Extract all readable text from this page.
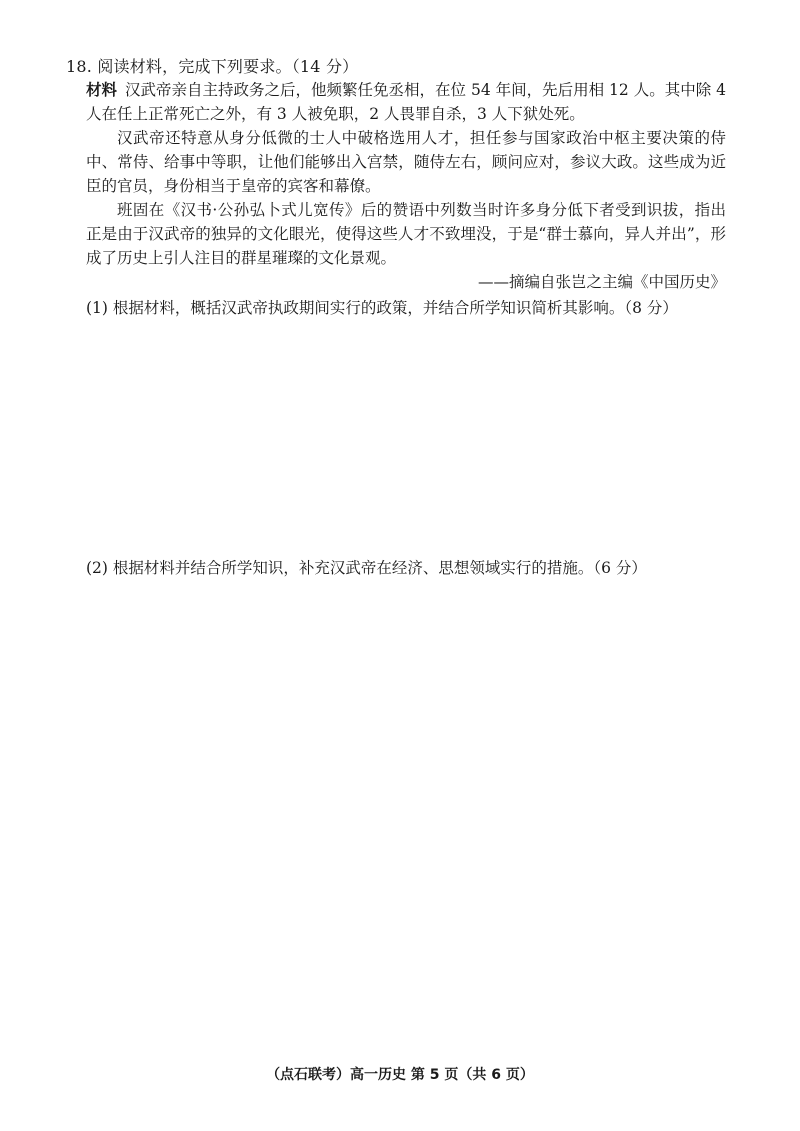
18. 阅读材料，完成下列要求。（14 分）

材料 汉武帝亲自主持政务之后，他频繁任免丞相，在位 54 年间，先后用相 12 人。其中除 4 人在任上正常死亡之外，有 3 人被免职，2 人畏罪自杀，3 人下狱处死。

汉武帝还特意从身分低微的士人中破格选用人才，担任参与国家政治中枢主要决策的侍中、常侍、给事中等职，让他们能够出入宫禁，随侍左右，顾问应对，参议大政。这些成为近臣的官员，身份相当于皇帝的宾客和幕僚。

班固在《汉书·公孙弘卜式儿宽传》后的赞语中列数当时许多身分低下者受到识拔，指出正是由于汉武帝的独异的文化眼光，使得这些人才不致埋没，于是“群士慕向，异人并出”，形成了历史上引人注目的群星璀璨的文化景观。

——摘编自张岂之主编《中国历史》
(1) 根据材料，概括汉武帝执政期间实行的政策，并结合所学知识简析其影响。（8 分）
(2) 根据材料并结合所学知识，补充汉武帝在经济、思想领域实行的措施。（6 分）
（点石联考）高一历史 第 5 页（共 6 页）
